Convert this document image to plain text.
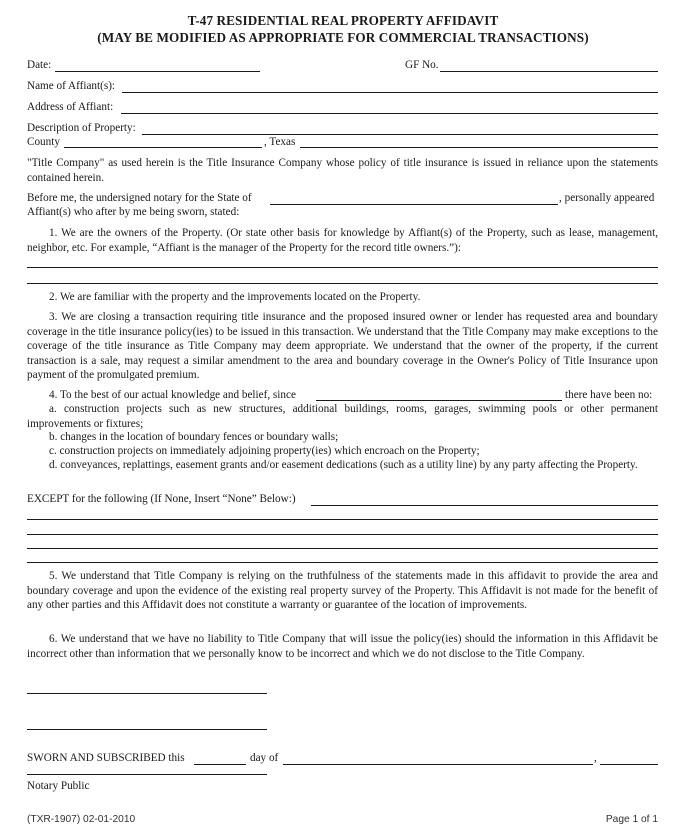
T-47 RESIDENTIAL REAL PROPERTY AFFIDAVIT
(MAY BE MODIFIED AS APPROPRIATE FOR COMMERCIAL TRANSACTIONS)
Date:	GF No.
Name of Affiant(s):
Address of Affiant:
Description of Property:
County	, Texas
"Title Company" as used herein is the Title Insurance Company whose policy of title insurance is issued in reliance upon the statements contained herein.
Before me, the undersigned notary for the State of	, personally appeared
Affiant(s) who after by me being sworn, stated:
1. We are the owners of the Property. (Or state other basis for knowledge by Affiant(s) of the Property, such as lease, management, neighbor, etc. For example, “Affiant is the manager of the Property for the record title owners.”):
2. We are familiar with the property and the improvements located on the Property.
3. We are closing a transaction requiring title insurance and the proposed insured owner or lender has requested area and boundary coverage in the title insurance policy(ies) to be issued in this transaction. We understand that the Title Company may make exceptions to the coverage of the title insurance as Title Company may deem appropriate. We understand that the owner of the property, if the current transaction is a sale, may request a similar amendment to the area and boundary coverage in the Owner's Policy of Title Insurance upon payment of the promulgated premium.
4. To the best of our actual knowledge and belief, since	there have been no:
a. construction projects such as new structures, additional buildings, rooms, garages, swimming pools or other permanent improvements or fixtures;
b. changes in the location of boundary fences or boundary walls;
c. construction projects on immediately adjoining property(ies) which encroach on the Property;
d. conveyances, replattings, easement grants and/or easement dedications (such as a utility line) by any party affecting the Property.
EXCEPT for the following (If None, Insert “None” Below:)
5. We understand that Title Company is relying on the truthfulness of the statements made in this affidavit to provide the area and boundary coverage and upon the evidence of the existing real property survey of the Property. This Affidavit is not made for the benefit of any other parties and this Affidavit does not constitute a warranty or guarantee of the location of improvements.
6. We understand that we have no liability to Title Company that will issue the policy(ies) should the information in this Affidavit be incorrect other than information that we personally know to be incorrect and which we do not disclose to the Title Company.
SWORN AND SUBSCRIBED this	day of	,
Notary Public
(TXR-1907) 02-01-2010	Page 1 of 1
